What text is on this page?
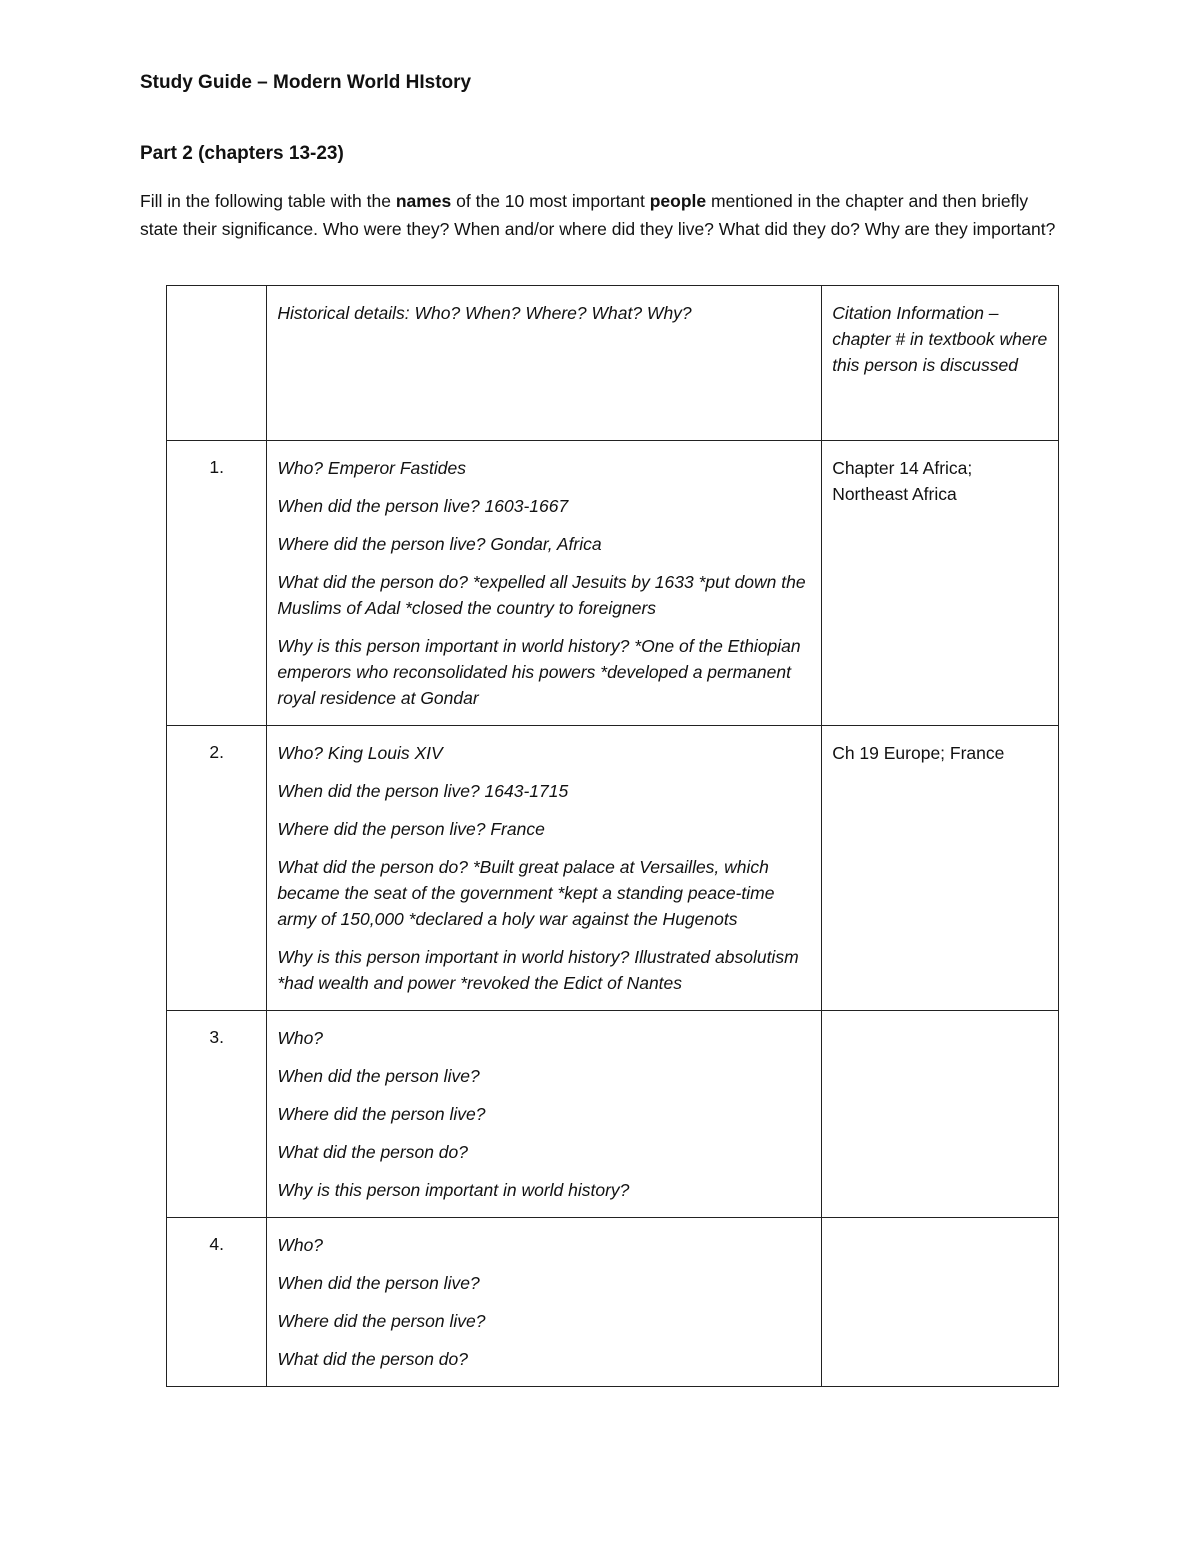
Study Guide – Modern World HIstory
Part 2 (chapters 13-23)

Fill in the following table with the names of the 10 most important people mentioned in the chapter and then briefly state their significance. Who were they? When and/or where did they live? What did they do? Why are they important?

	Historical details: Who? When? Where? What? Why?	Citation Information – chapter # in textbook where this person is discussed
1.	Who? Emperor Fastides

When did the person live? 1603-1667

Where did the person live? Gondar, Africa

What did the person do? *expelled all Jesuits by 1633 *put down the Muslims of Adal *closed the country to foreigners

Why is this person important in world history? *One of the Ethiopian emperors who reconsolidated his powers *developed a permanent royal residence at Gondar	Chapter 14 Africa; Northeast Africa
2.	Who? King Louis XIV

When did the person live? 1643-1715

Where did the person live? France

What did the person do? *Built great palace at Versailles, which became the seat of the government *kept a standing peace-time army of 150,000 *declared a holy war against the Hugenots

Why is this person important in world history? Illustrated absolutism *had wealth and power *revoked the Edict of Nantes	Ch 19 Europe; France
3.	Who?

When did the person live?

Where did the person live?

What did the person do?

Why is this person important in world history?	

4.	Who?

When did the person live?

Where did the person live?

What did the person do?	
